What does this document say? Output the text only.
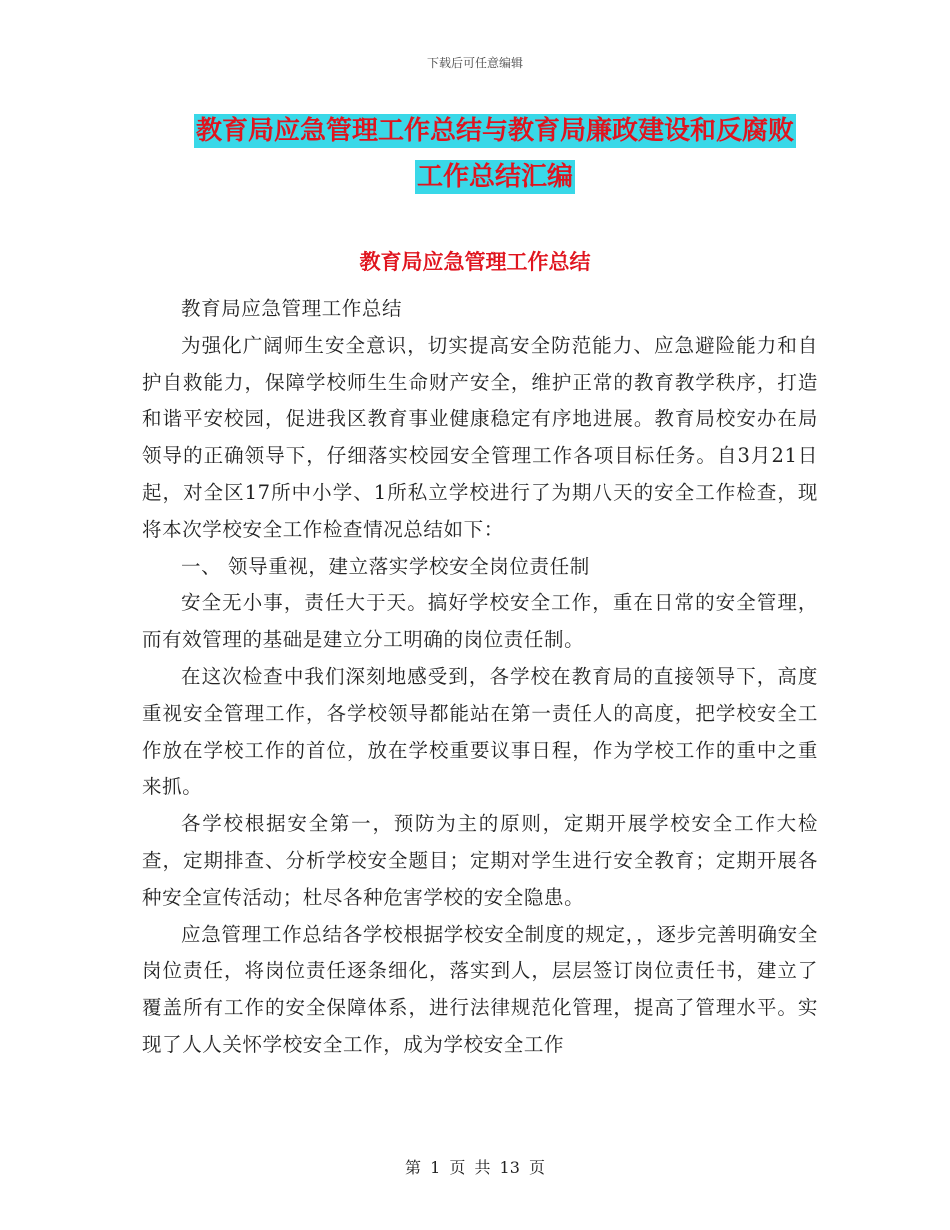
下载后可任意编辑
教育局应急管理工作总结与教育局廉政建设和反腐败
工作总结汇编
教育局应急管理工作总结

教育局应急管理工作总结

为强化广阔师生安全意识，切实提高安全防范能力、应急避险能力和自护自救能力，保障学校师生生命财产安全，维护正常的教育教学秩序，打造和谐平安校园，促进我区教育事业健康稳定有序地进展。教育局校安办在局领导的正确领导下，仔细落实校园安全管理工作各项目标任务。自3月21日起，对全区17所中小学、1所私立学校进行了为期八天的安全工作检查，现将本次学校安全工作检查情况总结如下：

一、 领导重视，建立落实学校安全岗位责任制

安全无小事，责任大于天。搞好学校安全工作，重在日常的安全管理，而有效管理的基础是建立分工明确的岗位责任制。

在这次检查中我们深刻地感受到，各学校在教育局的直接领导下，高度重视安全管理工作，各学校领导都能站在第一责任人的高度，把学校安全工作放在学校工作的首位，放在学校重要议事日程，作为学校工作的重中之重来抓。

各学校根据安全第一，预防为主的原则，定期开展学校安全工作大检查，定期排查、分析学校安全题目；定期对学生进行安全教育；定期开展各种安全宣传活动；杜尽各种危害学校的安全隐患。

应急管理工作总结各学校根据学校安全制度的规定，，逐步完善明确安全岗位责任，将岗位责任逐条细化，落实到人，层层签订岗位责任书，建立了覆盖所有工作的安全保障体系，进行法律规范化管理，提高了管理水平。实现了人人关怀学校安全工作，成为学校安全工作

第 1 页 共 13 页
